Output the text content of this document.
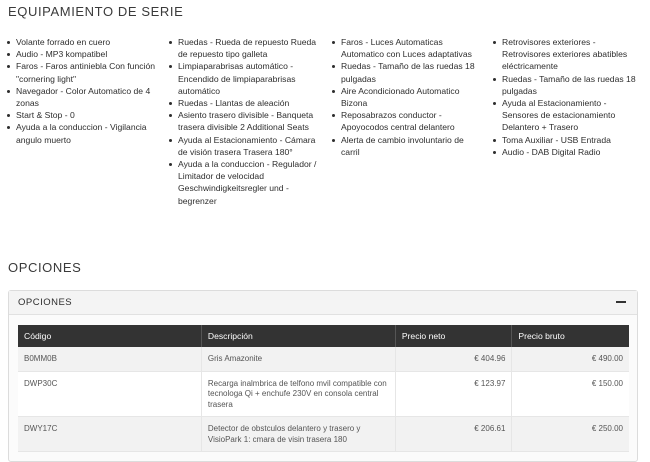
EQUIPAMIENTO DE SERIE
Volante forrado en cuero
Audio - MP3 kompatibel
Faros - Faros antiniebla Con función "cornering light"
Navegador - Color Automatico de 4 zonas
Start & Stop - 0
Ayuda a la conduccion - Vigilancia angulo muerto
Ruedas - Rueda de repuesto Rueda de repuesto tipo galleta
Limpiaparabrisas automático - Encendido de limpiaparabrisas automático
Ruedas - Llantas de aleación
Asiento trasero divisible - Banqueta trasera divisible 2 Additional Seats
Ayuda al Estacionamiento - Cámara de visión trasera Trasera 180°
Ayuda a la conduccion - Regulador / Limitador de velocidad Geschwindigkeitsregler und -begrenzer
Faros - Luces Automaticas Automatico con Luces adaptativas
Ruedas - Tamaño de las ruedas 18 pulgadas
Aire Acondicionado Automatico Bizona
Reposabrazos conductor - Apoyocodos central delantero
Alerta de cambio involuntario de carril
Retrovisores exteriores - Retrovisores exteriores abatibles eléctricamente
Ruedas - Tamaño de las ruedas 18 pulgadas
Ayuda al Estacionamiento - Sensores de estacionamiento Delantero + Trasero
Toma Auxiliar - USB Entrada
Audio - DAB Digital Radio
OPCIONES
OPCIONES
Código	Descripción	Precio neto	Precio bruto
B0MM0B	Gris Amazonite	€ 404.96	€ 490.00
DWP30C	Recarga inalmbrica de telfono mvil compatible con tecnologa Qi + enchufe 230V en consola central trasera	€ 123.97	€ 150.00
DWY17C	Detector de obstculos delantero y trasero y VisioPark 1: cmara de visin trasera 180	€ 206.61	€ 250.00
